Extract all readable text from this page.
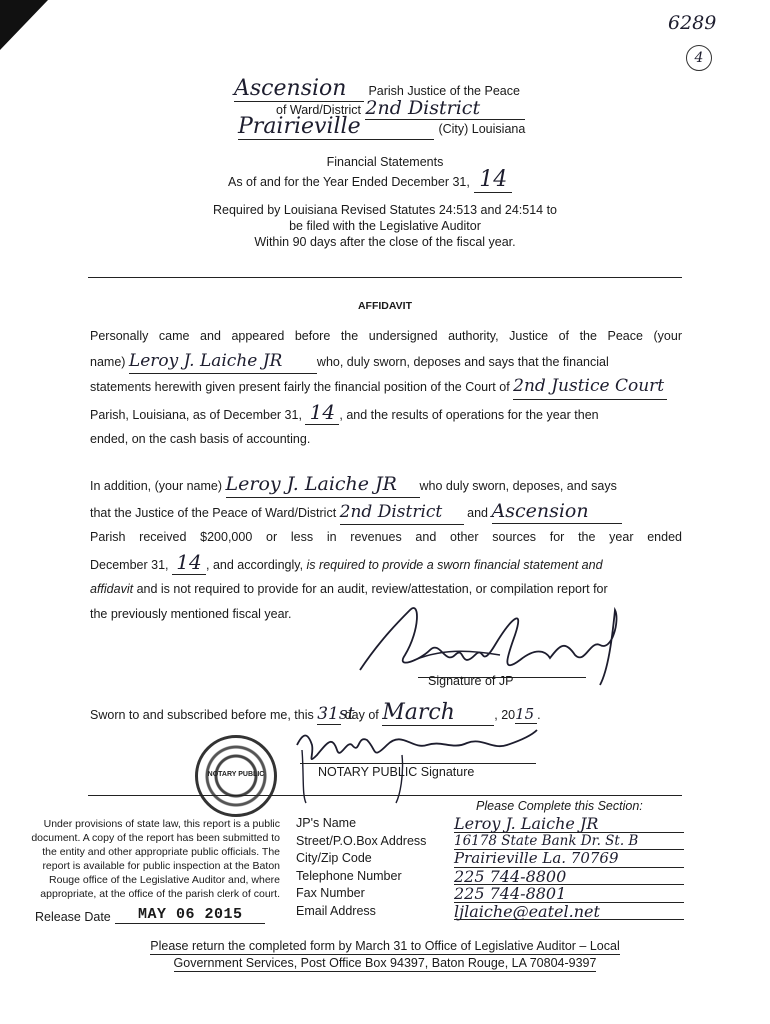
6289
4
Ascension Parish Justice of the Peace
of Ward/District 2nd District
Prairieville	(City) Louisiana
Financial Statements
As of and for the Year Ended December 31, 14
Required by Louisiana Revised Statutes 24:513 and 24:514 to
be filed with the Legislative Auditor
Within 90 days after the close of the fiscal year.
AFFIDAVIT
Personally came and appeared before the undersigned authority, Justice of the Peace (your
name) Leroy J. Laiche JR	who, duly sworn, deposes and says that the financial
statements herewith given present fairly the financial position of the Court of 2nd Justice Court
Parish, Louisiana, as of December 31, 14 , and the results of operations for the year then
ended, on the cash basis of accounting.
In addition, (your name) Leroy J. Laiche JR who duly sworn, deposes, and says
that the Justice of the Peace of Ward/District 2nd District and Ascension
Parish received $200,000 or less in revenues and other sources for the year ended
December 31, 14 , and accordingly, is required to provide a sworn financial statement and
affidavit and is not required to provide for an audit, review/attestation, or compilation report for
the previously mentioned fiscal year.
Signature of JP
Sworn to and subscribed before me, this 31st day of March	, 2015 .
NOTARY PUBLIC Signature
NOTARY PUBLIC
Under provisions of state law, this report is a public document. A copy of the report has been submitted to the entity and other appropriate public officials. The report is available for public inspection at the Baton Rouge office of the Legislative Auditor and, where appropriate, at the office of the parish clerk of court.
Release Date MAY 06 2015
Please Complete this Section:
JP's Name	Leroy J. Laiche JR
Street/P.O.Box Address	16178 State Bank Dr. St. B
City/Zip Code	Prairieville La. 70769
Telephone Number	225 744-8800
Fax Number	225 744-8801
Email Address	ljlaiche@eatel.net
Please return the completed form by March 31 to Office of Legislative Auditor – Local
Government Services, Post Office Box 94397, Baton Rouge, LA 70804-9397
